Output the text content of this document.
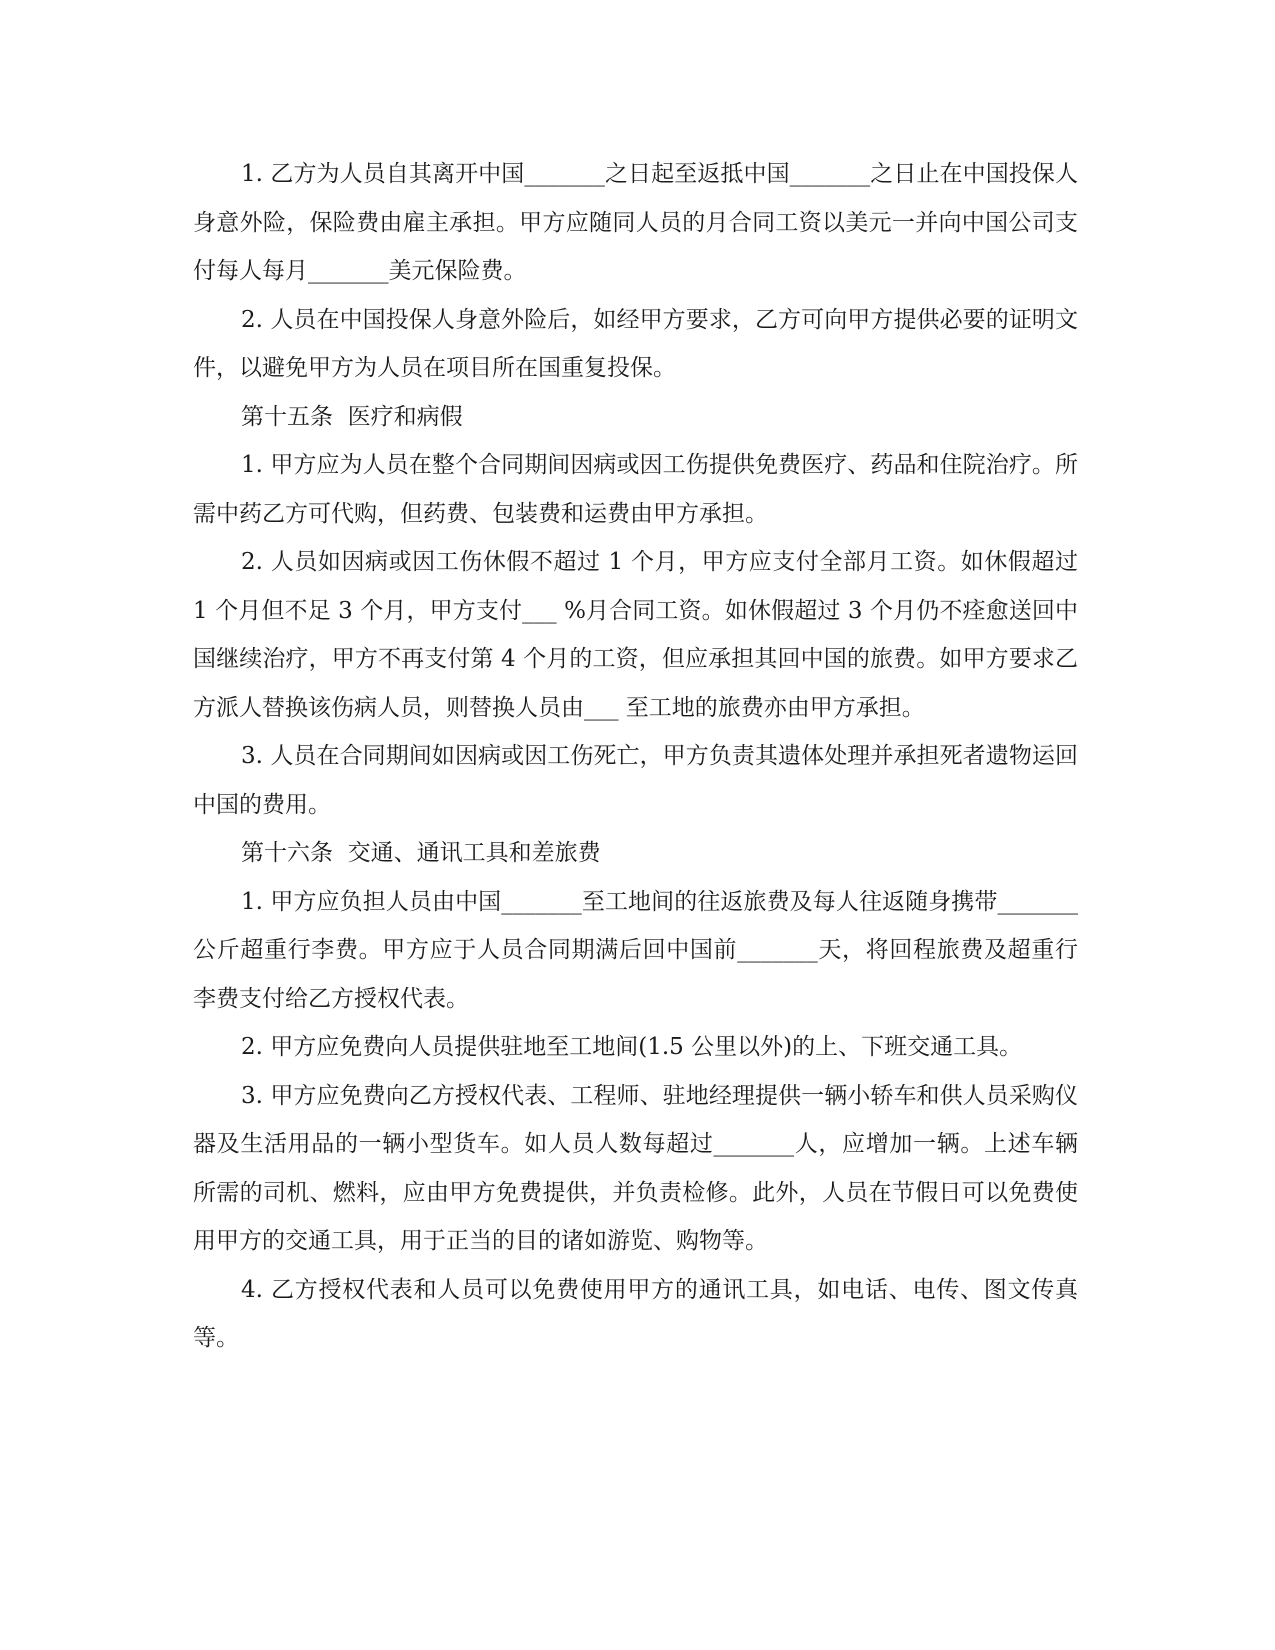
1. 乙方为人员自其离开中国_______之日起至返抵中国_______之日止在中国投保人身意外险，保险费由雇主承担。甲方应随同人员的月合同工资以美元一并向中国公司支付每人每月_______美元保险费。

2. 人员在中国投保人身意外险后，如经甲方要求，乙方可向甲方提供必要的证明文件，以避免甲方为人员在项目所在国重复投保。

第十五条  医疗和病假

1. 甲方应为人员在整个合同期间因病或因工伤提供免费医疗、药品和住院治疗。所需中药乙方可代购，但药费、包装费和运费由甲方承担。

2. 人员如因病或因工伤休假不超过 1 个月，甲方应支付全部月工资。如休假超过 1 个月但不足 3 个月，甲方支付___ %月合同工资。如休假超过 3 个月仍不痊愈送回中国继续治疗，甲方不再支付第 4 个月的工资，但应承担其回中国的旅费。如甲方要求乙方派人替换该伤病人员，则替换人员由___ 至工地的旅费亦由甲方承担。

3. 人员在合同期间如因病或因工伤死亡，甲方负责其遗体处理并承担死者遗物运回中国的费用。

第十六条  交通、通讯工具和差旅费

1. 甲方应负担人员由中国_______至工地间的往返旅费及每人往返随身携带_______公斤超重行李费。甲方应于人员合同期满后回中国前_______天，将回程旅费及超重行李费支付给乙方授权代表。

2. 甲方应免费向人员提供驻地至工地间(1.5 公里以外)的上、下班交通工具。

3. 甲方应免费向乙方授权代表、工程师、驻地经理提供一辆小轿车和供人员采购仪器及生活用品的一辆小型货车。如人员人数每超过_______人，应增加一辆。上述车辆所需的司机、燃料，应由甲方免费提供，并负责检修。此外，人员在节假日可以免费使用甲方的交通工具，用于正当的目的诸如游览、购物等。

4. 乙方授权代表和人员可以免费使用甲方的通讯工具，如电话、电传、图文传真等。
